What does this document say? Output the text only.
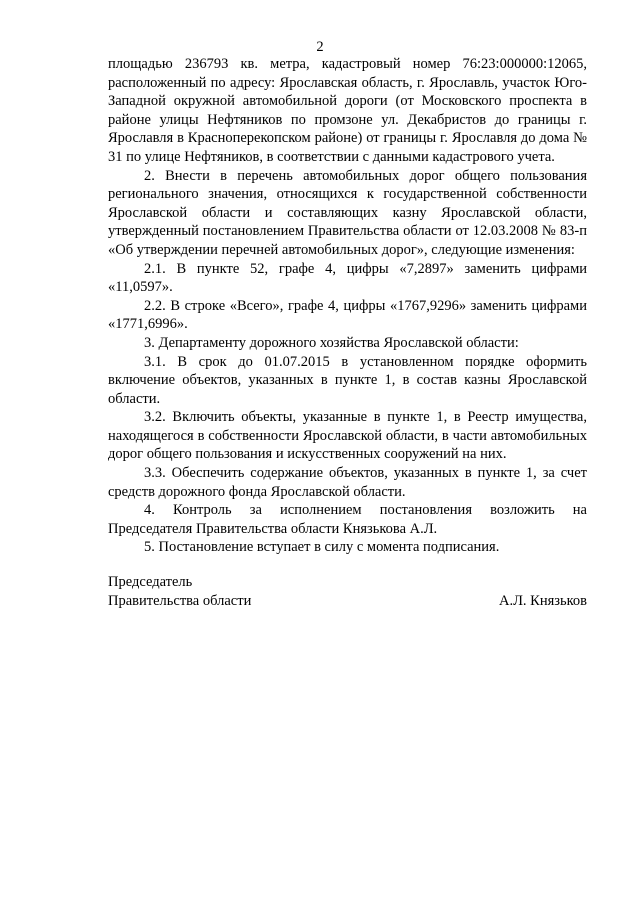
2

площадью 236793 кв. метра, кадастровый номер 76:23:000000:12065, расположенный по адресу: Ярославская область, г. Ярославль, участок Юго-Западной окружной автомобильной дороги (от Московского проспекта в районе улицы Нефтяников по промзоне ул. Декабристов до границы г. Ярославля в Красноперекопском районе) от границы г. Ярославля до дома № 31 по улице Нефтяников, в соответствии с данными кадастрового учета.

2. Внести в перечень автомобильных дорог общего пользования регионального значения, относящихся к государственной собственности Ярославской области и составляющих казну Ярославской области, утвержденный постановлением Правительства области от 12.03.2008 № 83-п «Об утверждении перечней автомобильных дорог», следующие изменения:

2.1. В пункте 52, графе 4, цифры «7,2897» заменить цифрами «11,0597».

2.2. В строке «Всего», графе 4, цифры «1767,9296» заменить цифрами «1771,6996».

3. Департаменту дорожного хозяйства Ярославской области:

3.1. В срок до 01.07.2015 в установленном порядке оформить включение объектов, указанных в пункте 1, в состав казны Ярославской области.

3.2. Включить объекты, указанные в пункте 1, в Реестр имущества, находящегося в собственности Ярославской области, в части автомобильных дорог общего пользования и искусственных сооружений на них.

3.3. Обеспечить содержание объектов, указанных в пункте 1, за счет средств дорожного фонда Ярославской области.

4. Контроль за исполнением постановления возложить на Председателя Правительства области Князькова А.Л.

5. Постановление вступает в силу с момента подписания.

Председатель
Правительства области	А.Л. Князьков
